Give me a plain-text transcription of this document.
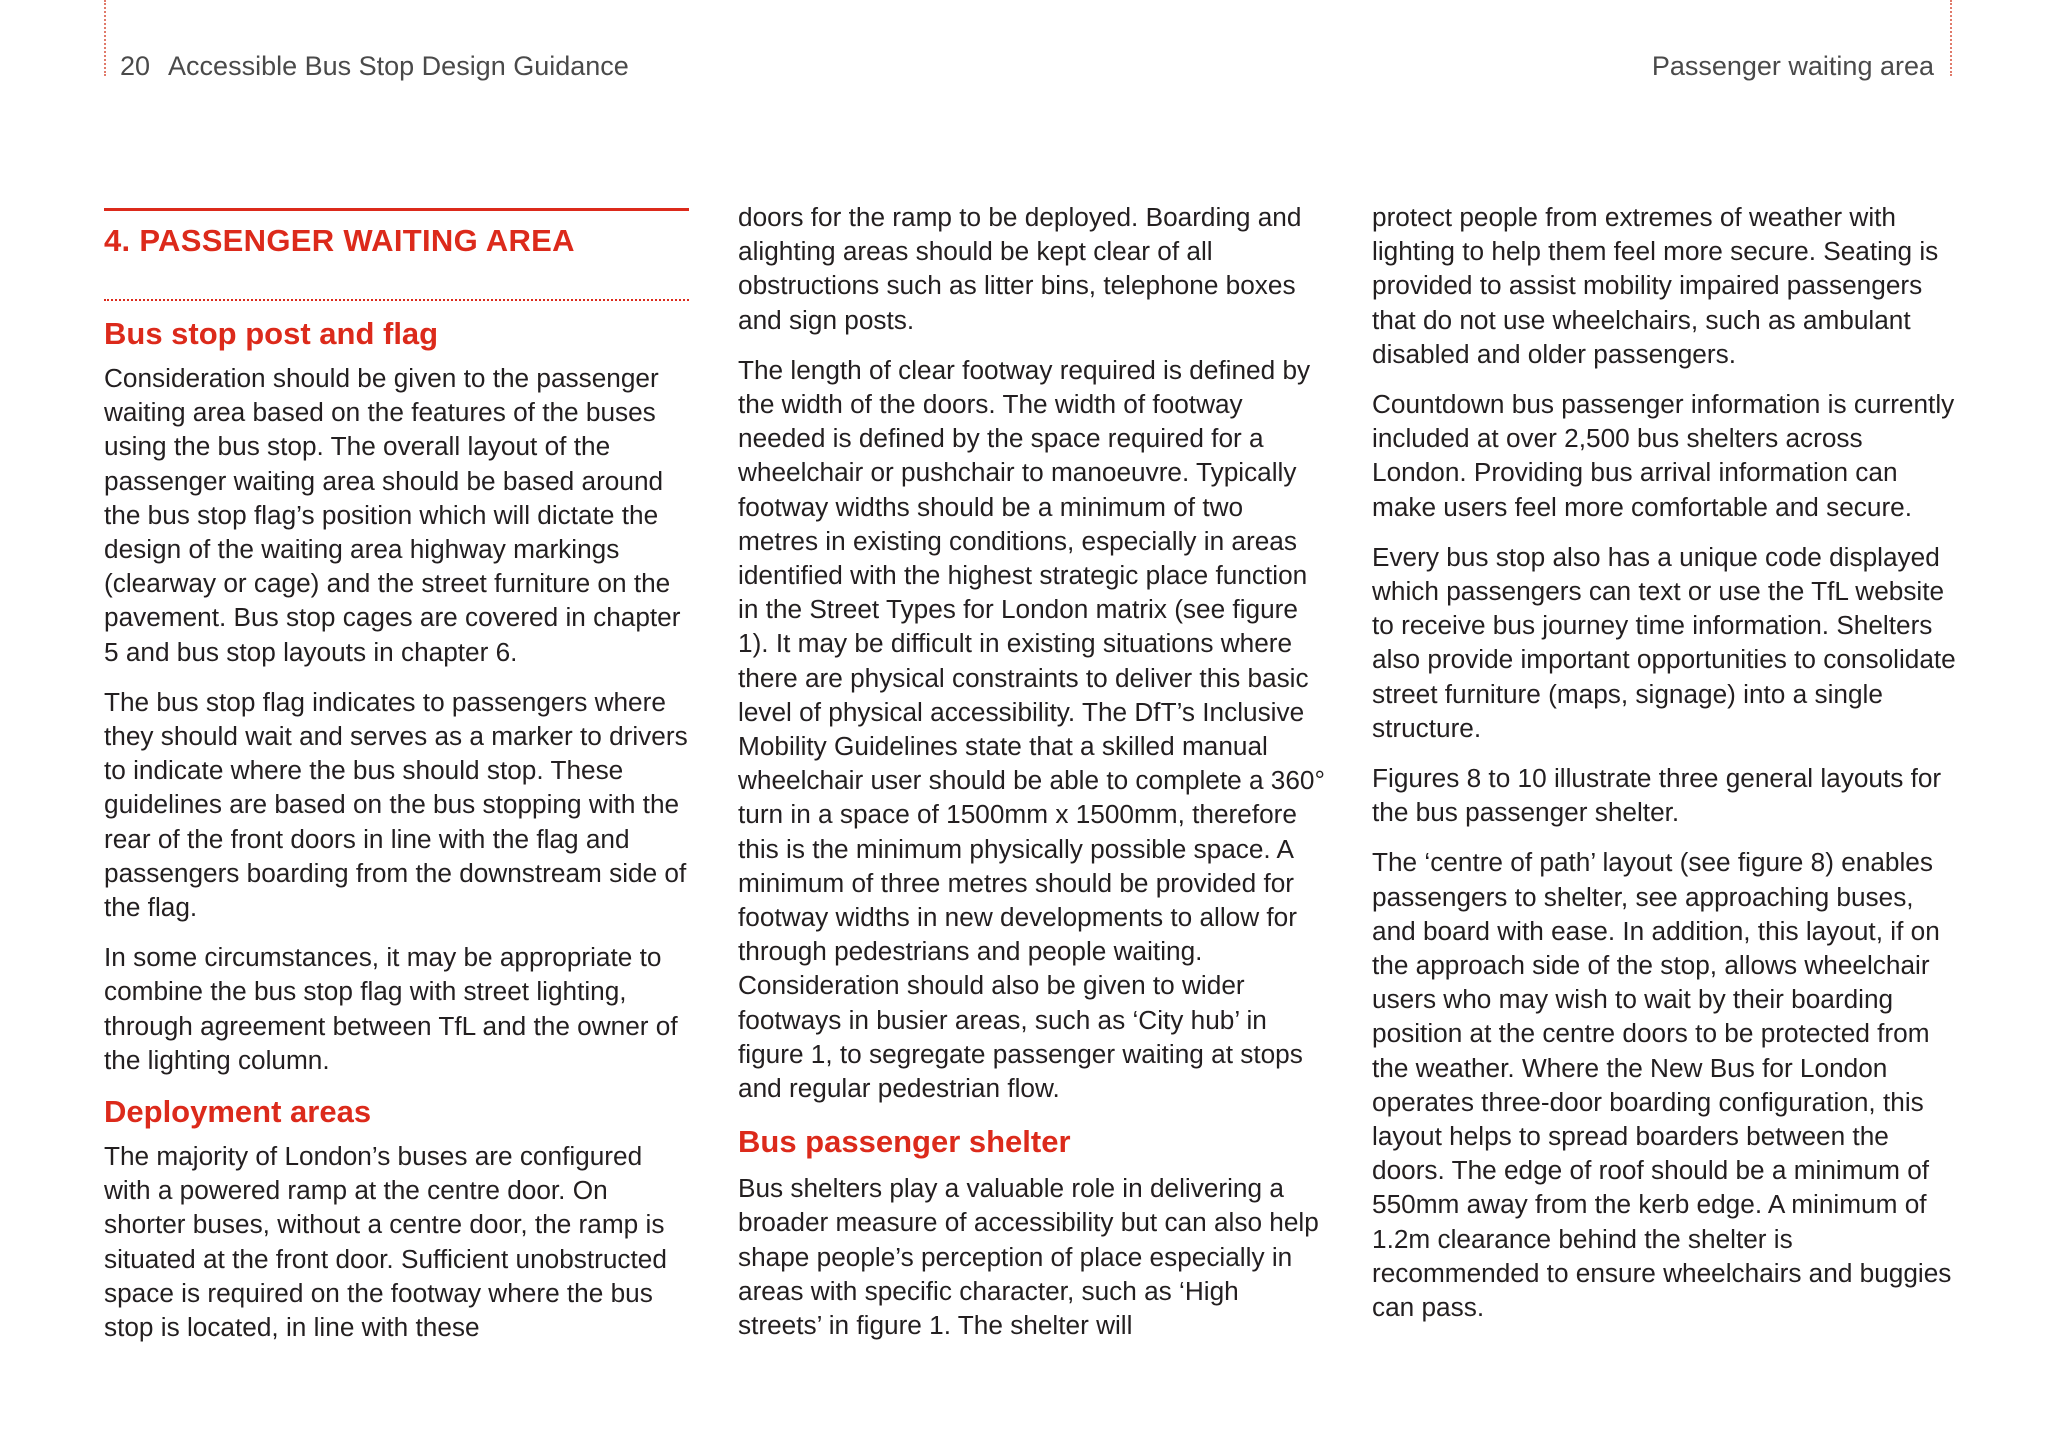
20 Accessible Bus Stop Design Guidance	Passenger waiting area
4. PASSENGER WAITING AREA
Bus stop post and flag

Consideration should be given to the passenger waiting area based on the features of the buses using the bus stop. The overall layout of the passenger waiting area should be based around the bus stop flag’s position which will dictate the design of the waiting area highway markings (clearway or cage) and the street furniture on the pavement. Bus stop cages are covered in chapter 5 and bus stop layouts in chapter 6.

The bus stop flag indicates to passengers where they should wait and serves as a marker to drivers to indicate where the bus should stop. These guidelines are based on the bus stopping with the rear of the front doors in line with the flag and passengers boarding from the downstream side of the flag.

In some circumstances, it may be appropriate to combine the bus stop flag with street lighting, through agreement between TfL and the owner of the lighting column.

Deployment areas

The majority of London’s buses are configured with a powered ramp at the centre door. On shorter buses, without a centre door, the ramp is situated at the front door. Sufficient unobstructed space is required on the footway where the bus stop is located, in line with these

doors for the ramp to be deployed. Boarding and alighting areas should be kept clear of all obstructions such as litter bins, telephone boxes and sign posts.

The length of clear footway required is defined by the width of the doors. The width of footway needed is defined by the space required for a wheelchair or pushchair to manoeuvre. Typically footway widths should be a minimum of two metres in existing conditions, especially in areas identified with the highest strategic place function in the Street Types for London matrix (see figure 1). It may be difficult in existing situations where there are physical constraints to deliver this basic level of physical accessibility. The DfT’s Inclusive Mobility Guidelines state that a skilled manual wheelchair user should be able to complete a 360° turn in a space of 1500mm x 1500mm, therefore this is the minimum physically possible space. A minimum of three metres should be provided for footway widths in new developments to allow for through pedestrians and people waiting. Consideration should also be given to wider footways in busier areas, such as ‘City hub’ in figure 1, to segregate passenger waiting at stops and regular pedestrian flow.

Bus passenger shelter

Bus shelters play a valuable role in delivering a broader measure of accessibility but can also help shape people’s perception of place especially in areas with specific character, such as ‘High streets’ in figure 1. The shelter will

protect people from extremes of weather with lighting to help them feel more secure. Seating is provided to assist mobility impaired passengers that do not use wheelchairs, such as ambulant disabled and older passengers.

Countdown bus passenger information is currently included at over 2,500 bus shelters across London. Providing bus arrival information can make users feel more comfortable and secure.

Every bus stop also has a unique code displayed which passengers can text or use the TfL website to receive bus journey time information. Shelters also provide important opportunities to consolidate street furniture (maps, signage) into a single structure.

Figures 8 to 10 illustrate three general layouts for the bus passenger shelter.

The ‘centre of path’ layout (see figure 8) enables passengers to shelter, see approaching buses, and board with ease. In addition, this layout, if on the approach side of the stop, allows wheelchair users who may wish to wait by their boarding position at the centre doors to be protected from the weather. Where the New Bus for London operates three-door boarding configuration, this layout helps to spread boarders between the doors. The edge of roof should be a minimum of 550mm away from the kerb edge. A minimum of 1.2m clearance behind the shelter is recommended to ensure wheelchairs and buggies can pass.
